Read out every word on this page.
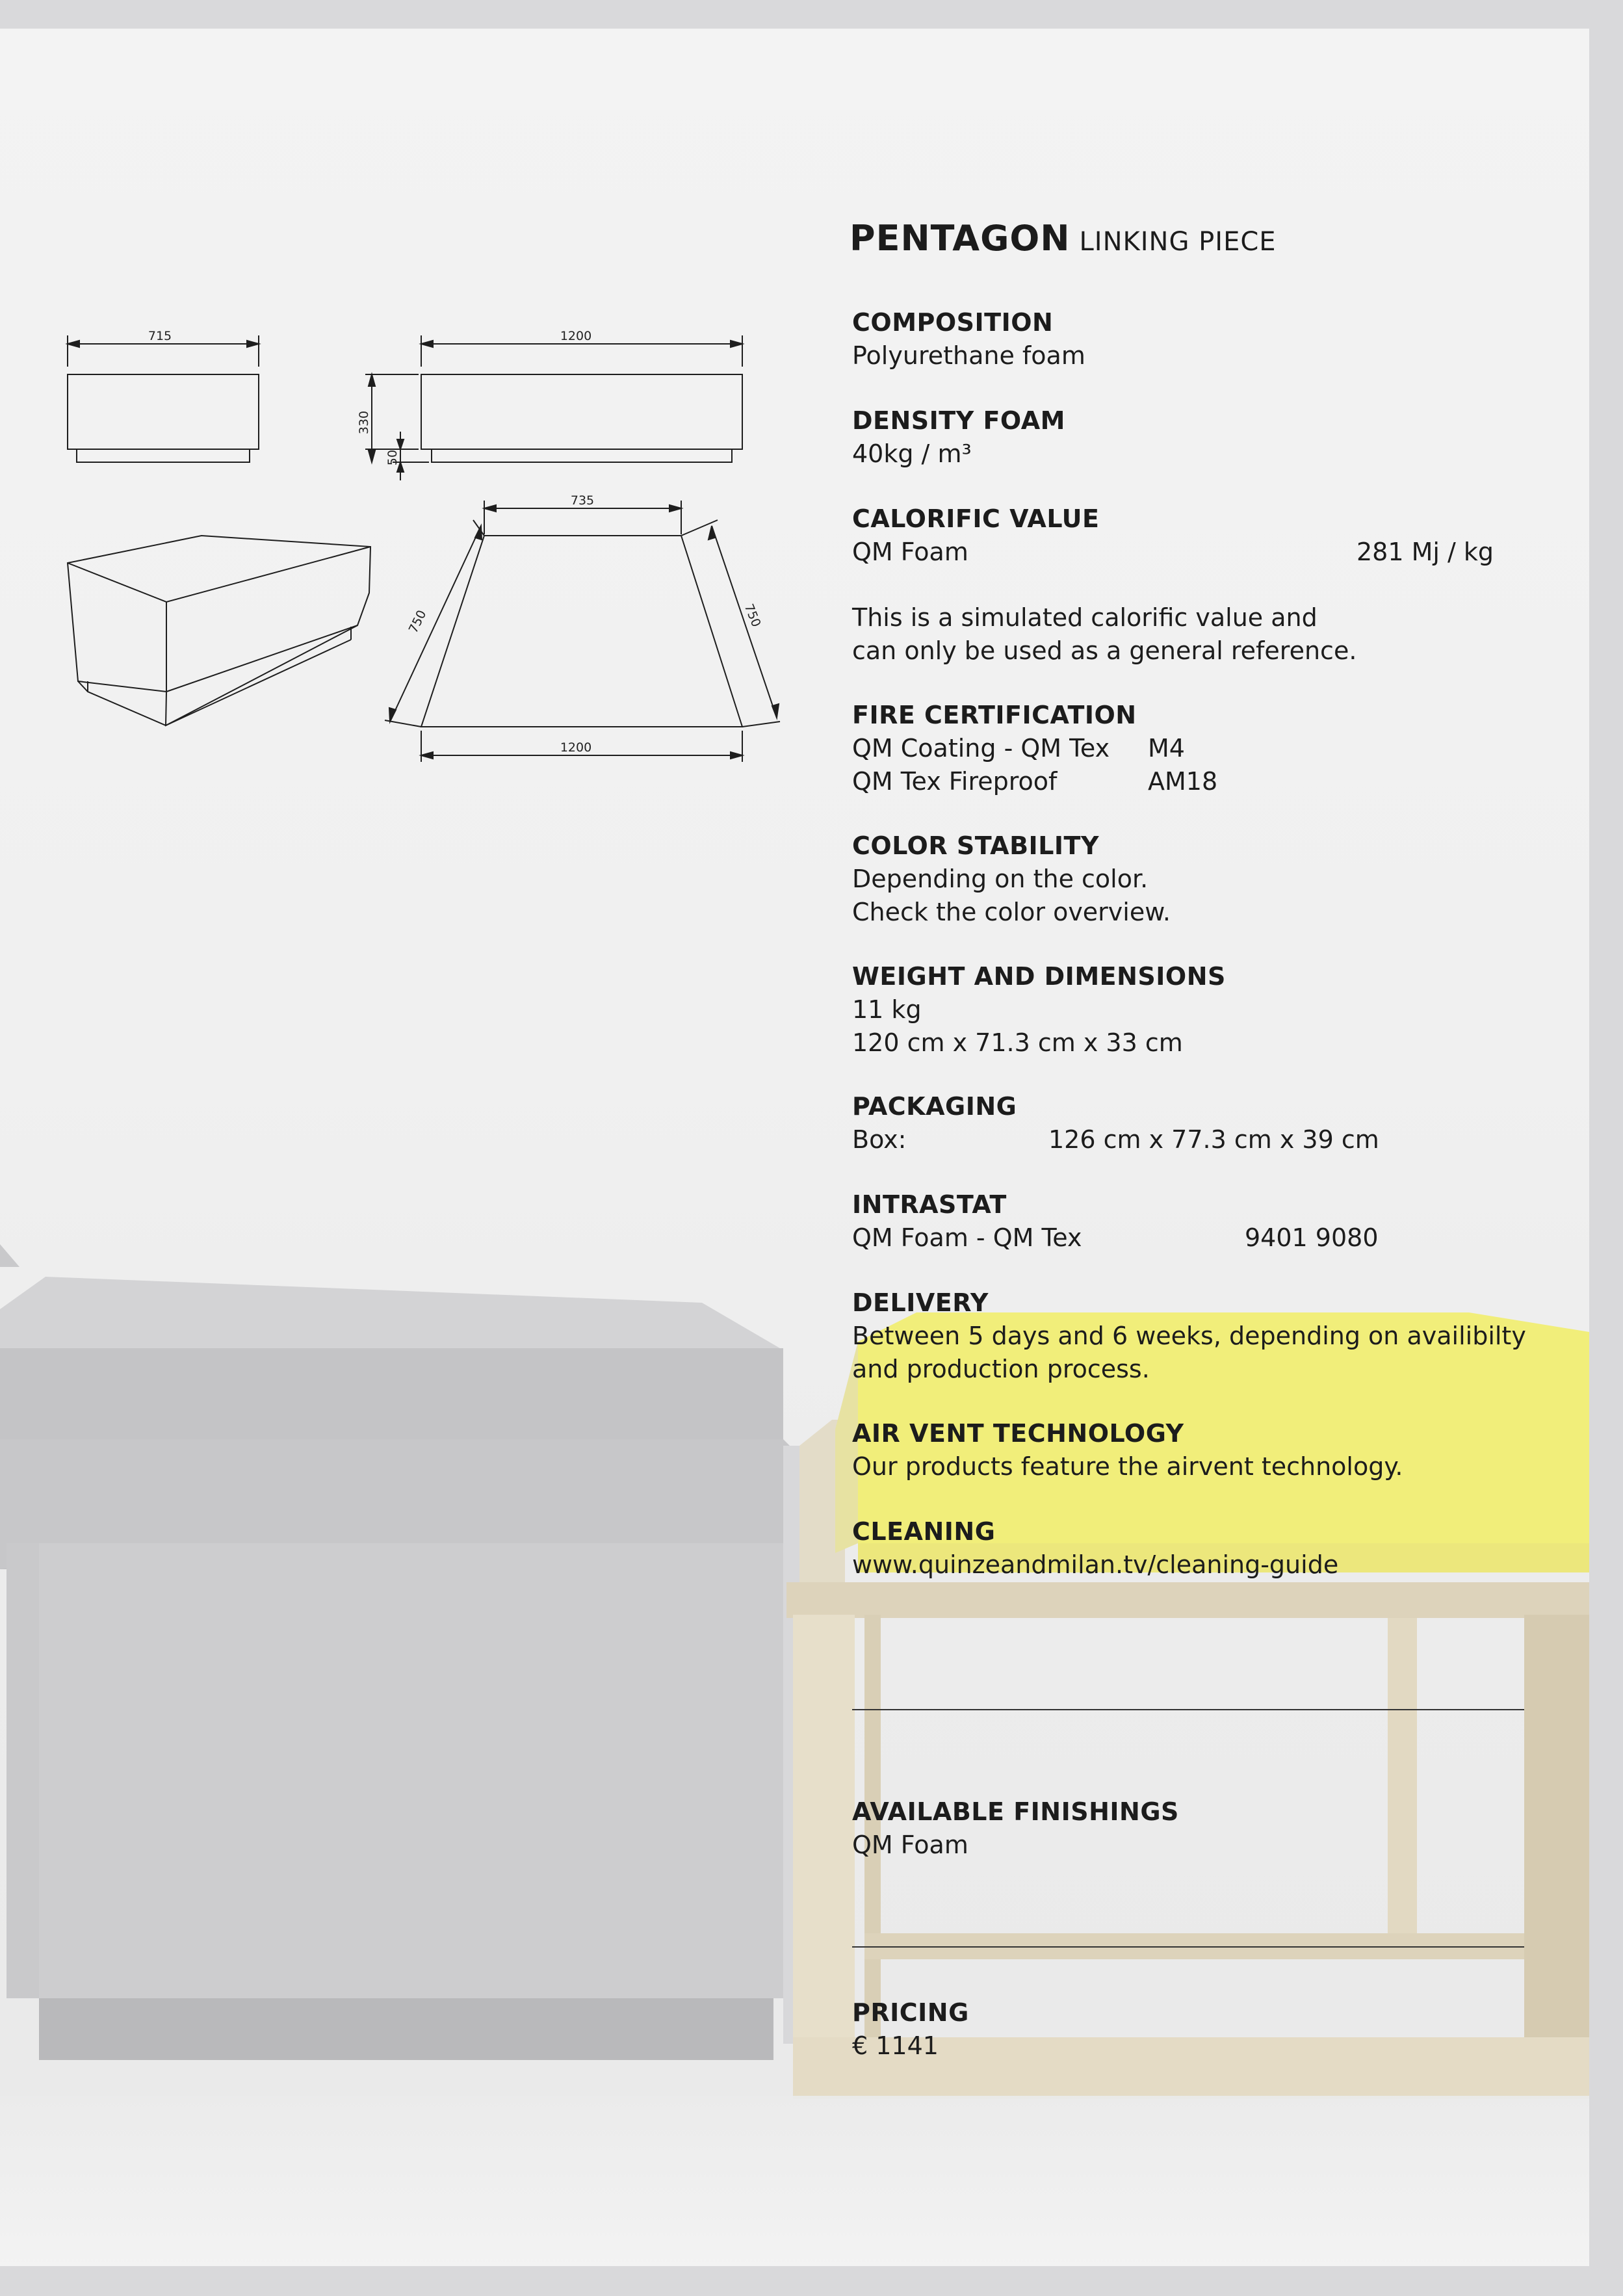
715	1200
330
50
735
750	750
1200
PENTAGON LINKING PIECE
COMPOSITION
Polyurethane foam
DENSITY FOAM
40kg / m³
CALORIFIC VALUE
QM Foam	281 Mj / kg
This is a simulated calorific value and
can only be used as a general reference.
FIRE CERTIFICATION
QM Coating - QM Tex M4
QM Tex Fireproof	AM18
COLOR STABILITY
Depending on the color.
Check the color overview.
WEIGHT AND DIMENSIONS
11 kg
120 cm x 71.3 cm x 33 cm
PACKAGING
Box:	126 cm x 77.3 cm x 39 cm
INTRASTAT
QM Foam - QM Tex	9401 9080
DELIVERY
Between 5 days and 6 weeks, depending on availibilty
and production process.
AIR VENT TECHNOLOGY
Our products feature the airvent technology.
CLEANING
www.quinzeandmilan.tv/cleaning-guide
AVAILABLE FINISHINGS
QM Foam
PRICING
€ 1141
